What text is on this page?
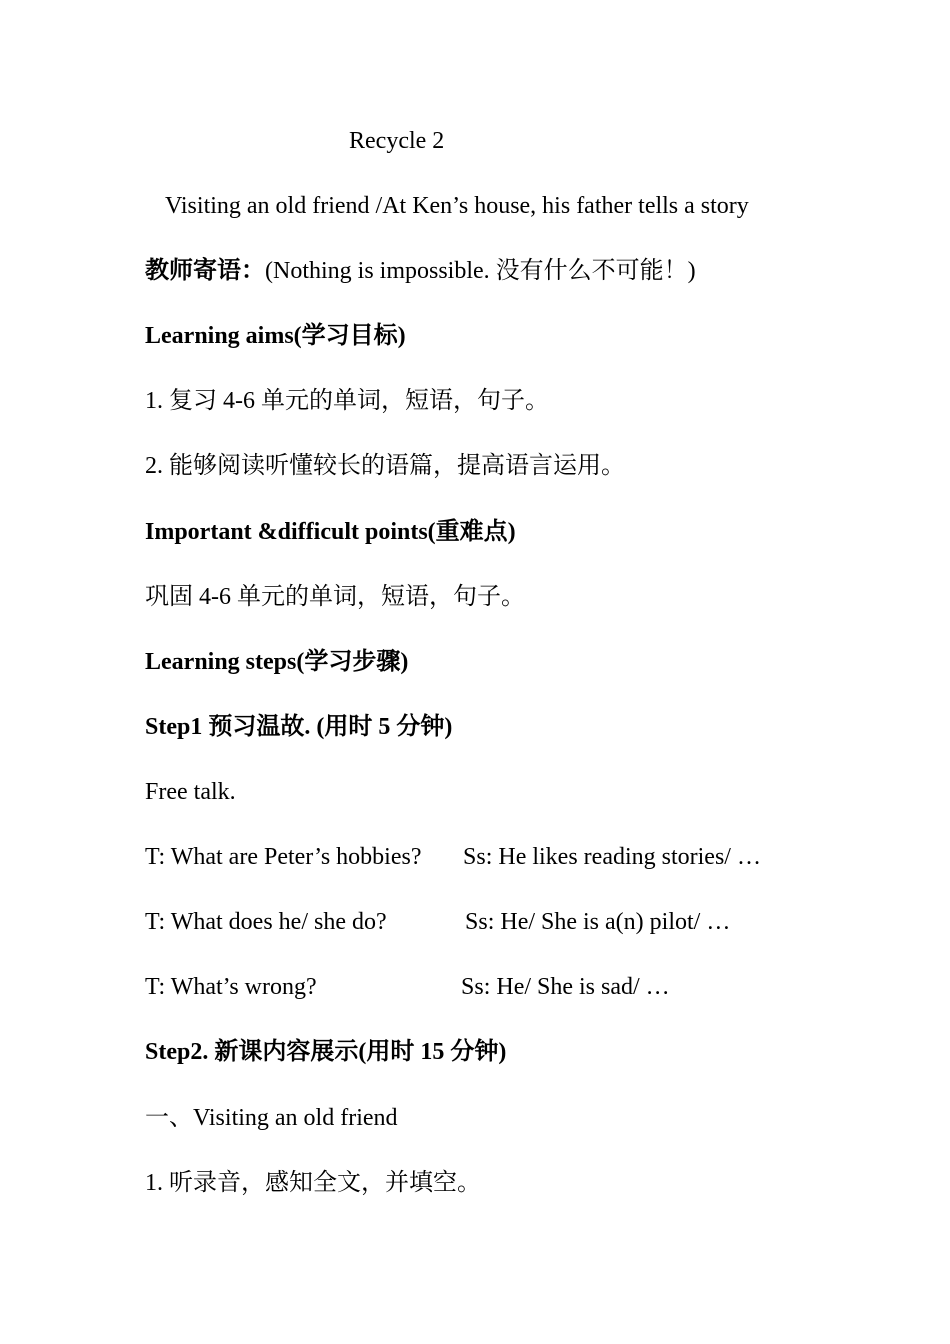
Recycle 2
Visiting an old friend /At Ken’s house, his father tells a story
教师寄语：(Nothing is impossible. 没有什么不可能！)
Learning aims(学习目标)
1. 复习 4-6 单元的单词，短语，句子。
2. 能够阅读听懂较长的语篇，提高语言运用。
Important &difficult points(重难点)
巩固 4-6 单元的单词，短语，句子。
Learning steps(学习步骤)
Step1 预习温故. (用时 5 分钟)
Free talk.
T: What are Peter’s hobbies? Ss: He likes reading stories/ …
T: What does he/ she do?	Ss: He/ She is a(n) pilot/ …
T: What’s wrong?	Ss: He/ She is sad/ …
Step2. 新课内容展示(用时 15 分钟)
一、Visiting an old friend
1. 听录音，感知全文，并填空。
